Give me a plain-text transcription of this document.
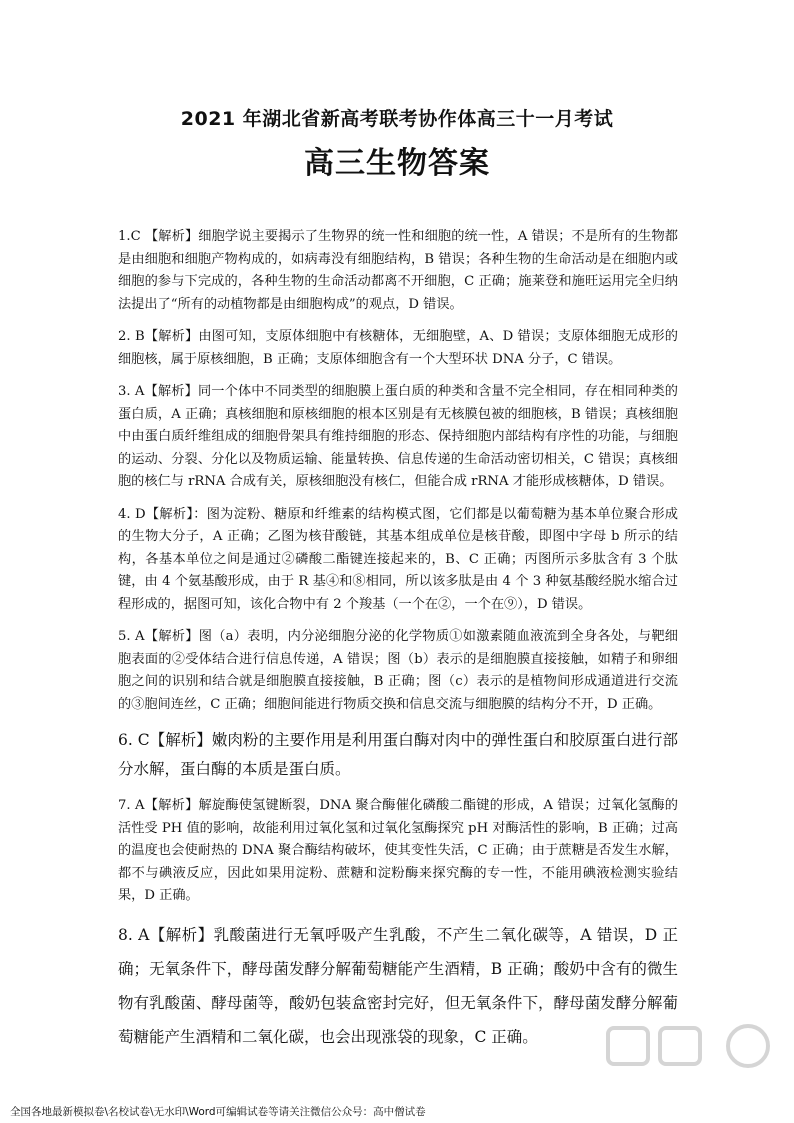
2021 年湖北省新高考联考协作体高三十一月考试
高三生物答案

1.C 【解析】细胞学说主要揭示了生物界的统一性和细胞的统一性，A 错误；不是所有的生物都是由细胞和细胞产物构成的，如病毒没有细胞结构，B 错误；各种生物的生命活动是在细胞内或细胞的参与下完成的，各种生物的生命活动都离不开细胞，C 正确；施莱登和施旺运用完全归纳法提出了“所有的动植物都是由细胞构成”的观点，D 错误。

2. B【解析】由图可知，支原体细胞中有核糖体，无细胞壁，A、D 错误；支原体细胞无成形的细胞核，属于原核细胞，B 正确；支原体细胞含有一个大型环状 DNA 分子，C 错误。

3. A【解析】同一个体中不同类型的细胞膜上蛋白质的种类和含量不完全相同，存在相同种类的蛋白质，A 正确；真核细胞和原核细胞的根本区别是有无核膜包被的细胞核，B 错误；真核细胞中由蛋白质纤维组成的细胞骨架具有维持细胞的形态、保持细胞内部结构有序性的功能，与细胞的运动、分裂、分化以及物质运输、能量转换、信息传递的生命活动密切相关，C 错误；真核细胞的核仁与 rRNA 合成有关，原核细胞没有核仁，但能合成 rRNA 才能形成核糖体，D 错误。

4. D【解析】：图为淀粉、糖原和纤维素的结构模式图，它们都是以葡萄糖为基本单位聚合形成的生物大分子，A 正确；乙图为核苷酸链，其基本组成单位是核苷酸，即图中字母 b 所示的结构，各基本单位之间是通过②磷酸二酯键连接起来的，B、C 正确；丙图所示多肽含有 3 个肽键，由 4 个氨基酸形成，由于 R 基④和⑧相同，所以该多肽是由 4 个 3 种氨基酸经脱水缩合过程形成的，据图可知，该化合物中有 2 个羧基（一个在②，一个在⑨），D 错误。

5. A【解析】图（a）表明，内分泌细胞分泌的化学物质①如激素随血液流到全身各处，与靶细胞表面的②受体结合进行信息传递，A 错误；图（b）表示的是细胞膜直接接触，如精子和卵细胞之间的识别和结合就是细胞膜直接接触，B 正确；图（c）表示的是植物间形成通道进行交流的③胞间连丝，C 正确；细胞间能进行物质交换和信息交流与细胞膜的结构分不开，D 正确。

6. C【解析】嫩肉粉的主要作用是利用蛋白酶对肉中的弹性蛋白和胶原蛋白进行部分水解，蛋白酶的本质是蛋白质。

7. A【解析】解旋酶使氢键断裂，DNA 聚合酶催化磷酸二酯键的形成，A 错误；过氧化氢酶的活性受 PH 值的影响，故能利用过氧化氢和过氧化氢酶探究 pH 对酶活性的影响，B 正确；过高的温度也会使耐热的 DNA 聚合酶结构破坏，使其变性失活，C 正确；由于蔗糖是否发生水解，都不与碘液反应，因此如果用淀粉、蔗糖和淀粉酶来探究酶的专一性，不能用碘液检测实验结果，D 正确。

8. A【解析】乳酸菌进行无氧呼吸产生乳酸，不产生二氧化碳等，A 错误，D 正确；无氧条件下，酵母菌发酵分解葡萄糖能产生酒精，B 正确；酸奶中含有的微生物有乳酸菌、酵母菌等，酸奶包装盒密封完好，但无氧条件下，酵母菌发酵分解葡萄糖能产生酒精和二氧化碳，也会出现涨袋的现象，C 正确。

全国各地最新模拟卷\名校试卷\无水印\Word可编辑试卷等请关注微信公众号：高中僧试卷
